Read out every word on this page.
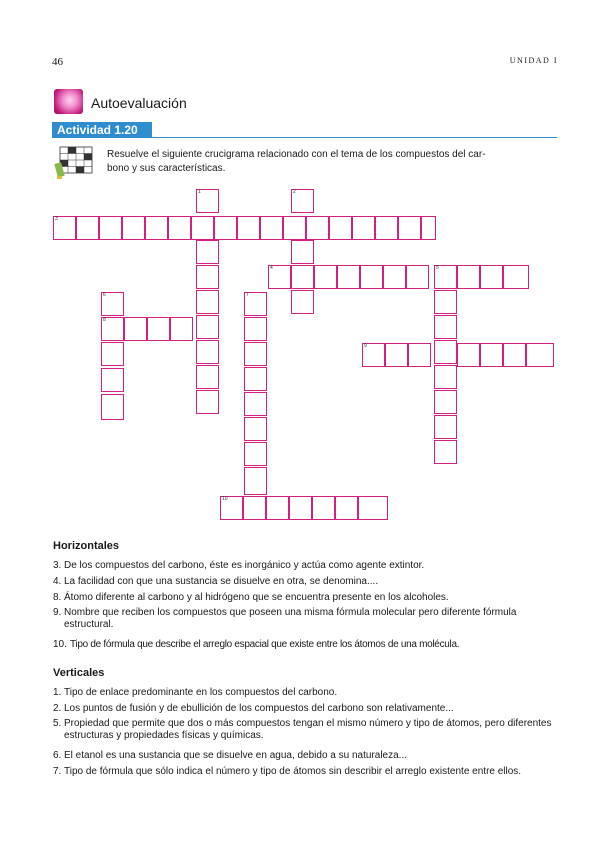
46	UNIDAD I
Autoevaluación
Actividad 1.20
Resuelve el siguiente crucigrama relacionado con el tema de los compuestos del car-
bono y sus características.
1	2
3
4	5
6	7
8
9
10
Horizontales
3. De los compuestos del carbono, éste es inorgánico y actúa como agente extintor.
4. La facilidad con que una sustancia se disuelve en otra, se denomina....
8. Átomo diferente al carbono y al hidrógeno que se encuentra presente en los alcoholes.
9. Nombre que reciben los compuestos que poseen una misma fórmula molecular pero diferente fórmula estructural.
10. Tipo de fórmula que describe el arreglo espacial que existe entre los átomos de una molécula.
Verticales
1. Tipo de enlace predominante en los compuestos del carbono.
2. Los puntos de fusión y de ebullición de los compuestos del carbono son relativamente...
5. Propiedad que permite que dos o más compuestos tengan el mismo número y tipo de átomos, pero diferentes estructuras y propiedades físicas y químicas.
6. El etanol es una sustancia que se disuelve en agua, debido a su naturaleza...
7. Tipo de fórmula que sólo indica el número y tipo de átomos sin describir el arreglo existente entre ellos.
